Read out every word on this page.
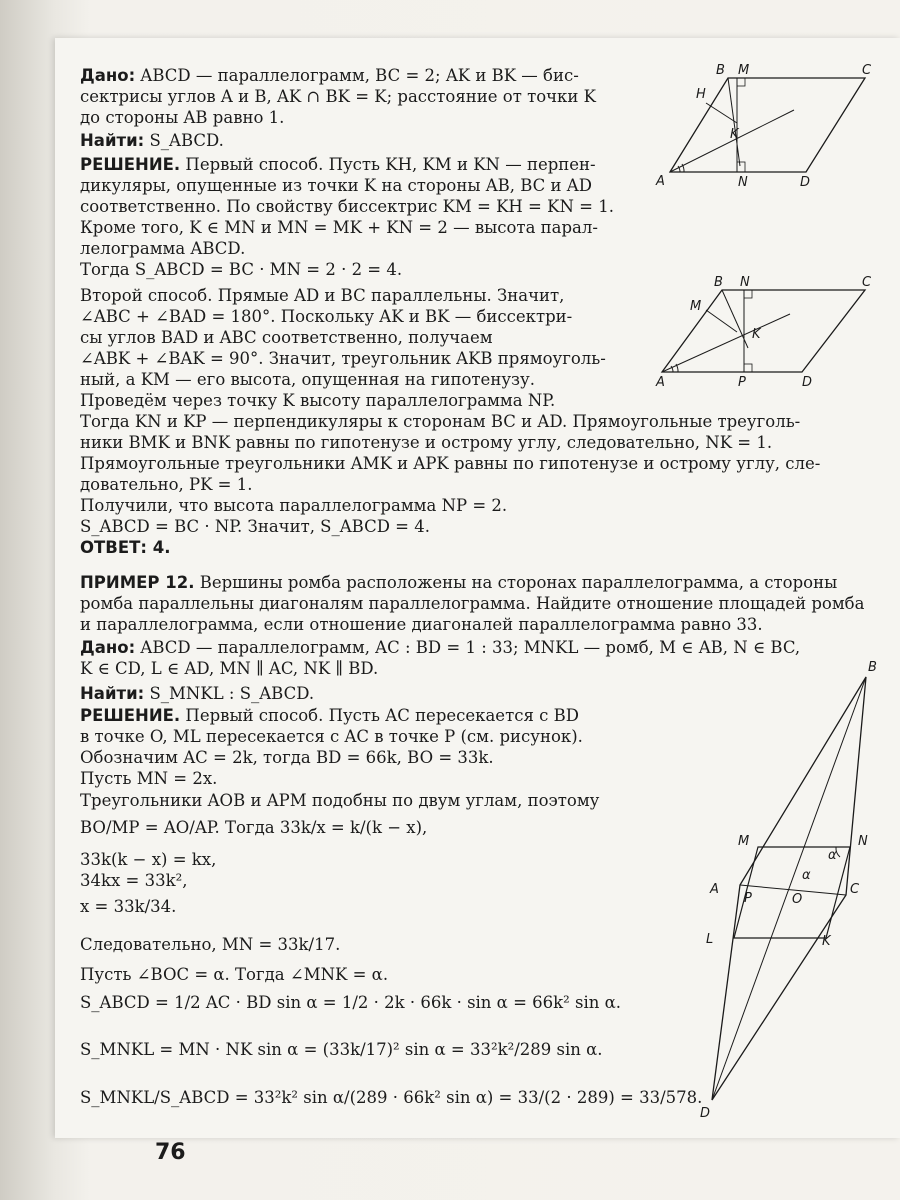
Дано: ABCD — параллелограмм, BC = 2; AK и BK — бис-
сектрисы углов A и B, AK ∩ BK = K; расстояние от точки K
до стороны AB равно 1.
Найти: S_ABCD.
РЕШЕНИЕ. Первый способ. Пусть KH, KM и KN — перпен-
дикуляры, опущенные из точки K на стороны AB, BC и AD
соответственно. По свойству биссектрис KM = KH = KN = 1.
Кроме того, K ∈ MN и MN = MK + KN = 2 — высота парал-
лелограмма ABCD.
Тогда S_ABCD = BC · MN = 2 · 2 = 4.
Второй способ. Прямые AD и BC параллельны. Значит,
∠ABC + ∠BAD = 180°. Поскольку AK и BK — биссектри-
сы углов BAD и ABC соответственно, получаем
∠ABK + ∠BAK = 90°. Значит, треугольник AKB прямоуголь-
ный, а KM — его высота, опущенная на гипотенузу.
Проведём через точку K высоту параллелограмма NP.
Тогда KN и KP — перпендикуляры к сторонам BC и AD. Прямоугольные треуголь-
ники BMK и BNK равны по гипотенузе и острому углу, следовательно, NK = 1.
Прямоугольные треугольники AMK и APK равны по гипотенузе и острому углу, сле-
довательно, PK = 1.
Получили, что высота параллелограмма NP = 2.
S_ABCD = BC · NP. Значит, S_ABCD = 4.
ОТВЕТ: 4.
ПРИМЕР 12. Вершины ромба расположены на сторонах параллелограмма, а стороны
ромба параллельны диагоналям параллелограмма. Найдите отношение площадей ромба
и параллелограмма, если отношение диагоналей параллелограмма равно 33.
Дано: ABCD — параллелограмм, AC : BD = 1 : 33; MNKL — ромб, M ∈ AB, N ∈ BC,
K ∈ CD, L ∈ AD, MN ∥ AC, NK ∥ BD.
Найти: S_MNKL : S_ABCD.
РЕШЕНИЕ. Первый способ. Пусть AC пересекается с BD
в точке O, ML пересекается с AC в точке P (см. рисунок).
Обозначим AC = 2k, тогда BD = 66k, BO = 33k.
Пусть MN = 2x.
Треугольники AOB и APM подобны по двум углам, поэтому
BO/MP = AO/AP. Тогда 33k/x = k/(k − x),
33k(k − x) = kx,
34kx = 33k²,
x = 33k/34.
Следовательно, MN = 33k/17.
Пусть ∠BOC = α. Тогда ∠MNK = α.
S_ABCD = 1/2 AC · BD sin α = 1/2 · 2k · 66k · sin α = 66k² sin α.
S_MNKL = MN · NK sin α = (33k/17)² sin α = 33²k²/289 sin α.
S_MNKL/S_ABCD = 33²k² sin α/(289 · 66k² sin α) = 33/(2 · 289) = 33/578.
B M	C
H
K
A	N	D
B N	C
M
K
A	P	D
B
M	N
α
α
A
P	O
C
L	K
D
76
